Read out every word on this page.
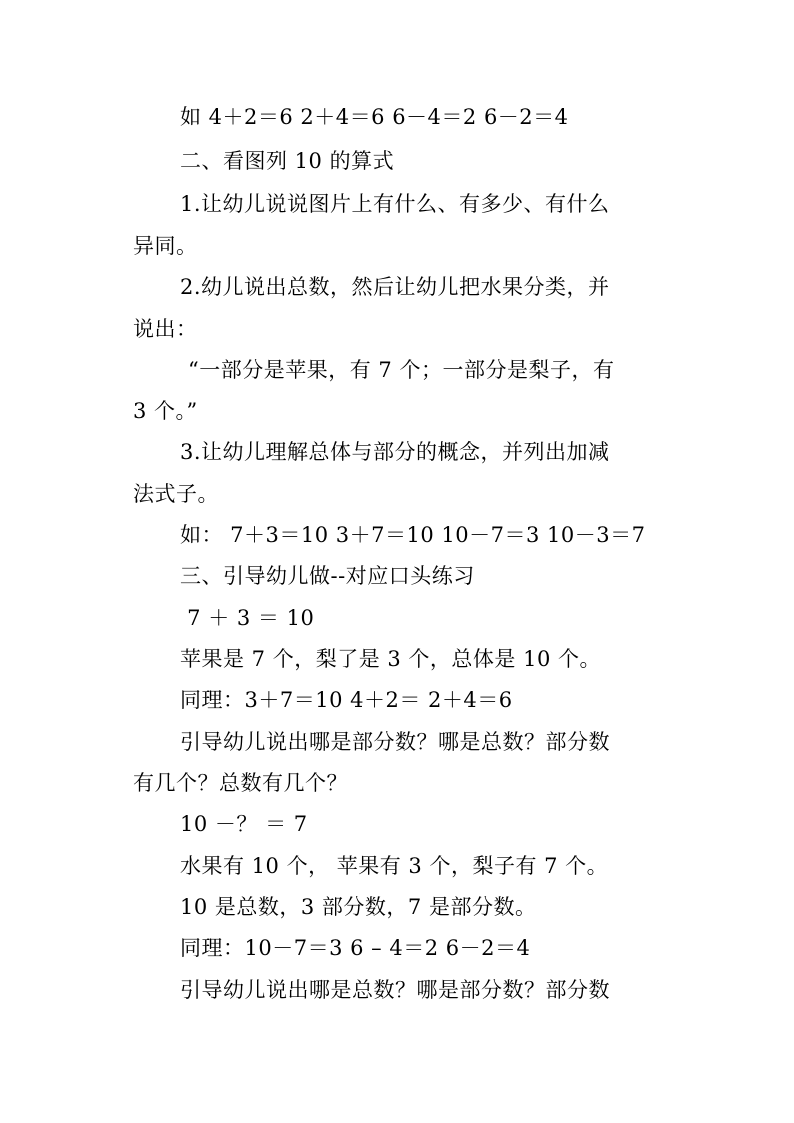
如 4＋2＝6 2＋4＝6 6－4＝2 6－2＝4
二、看图列 10 的算式
1.让幼儿说说图片上有什么、有多少、有什么
异同。
2.幼儿说出总数，然后让幼儿把水果分类，并
说出：
“一部分是苹果，有 7 个；一部分是梨子，有
3 个。”
3.让幼儿理解总体与部分的概念，并列出加减
法式子。
如： 7＋3＝10 3＋7＝10 10－7＝3 10－3＝7
三、引导幼儿做--对应口头练习
7 ＋ 3 ＝ 10
苹果是 7 个，梨了是 3 个，总体是 10 个。
同理：3＋7＝10 4＋2＝ 2＋4＝6
引导幼儿说出哪是部分数？哪是总数？部分数
有几个？总数有几个？
10 －？ ＝ 7
水果有 10 个， 苹果有 3 个，梨子有 7 个。
10 是总数，3 部分数，7 是部分数。
同理：10－7＝3 6 – 4＝2 6－2＝4
引导幼儿说出哪是总数？哪是部分数？部分数
